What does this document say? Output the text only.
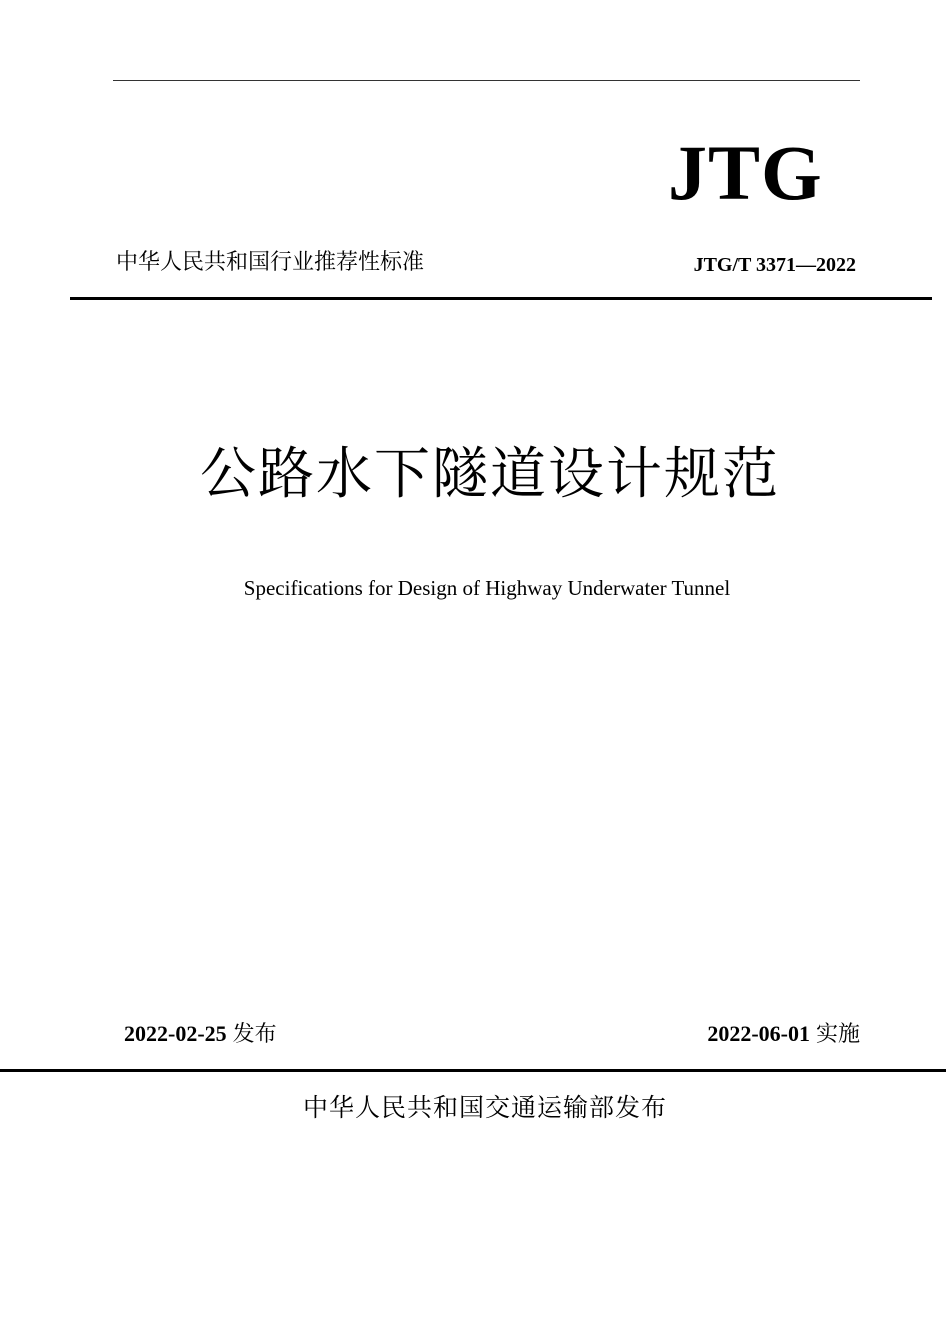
JTG
中华人民共和国行业推荐性标准	JTG/T 3371—2022
公路水下隧道设计规范
Specifications for Design of Highway Underwater Tunnel
2022-02-25 发布	2022-06-01 实施
中华人民共和国交通运输部发布
